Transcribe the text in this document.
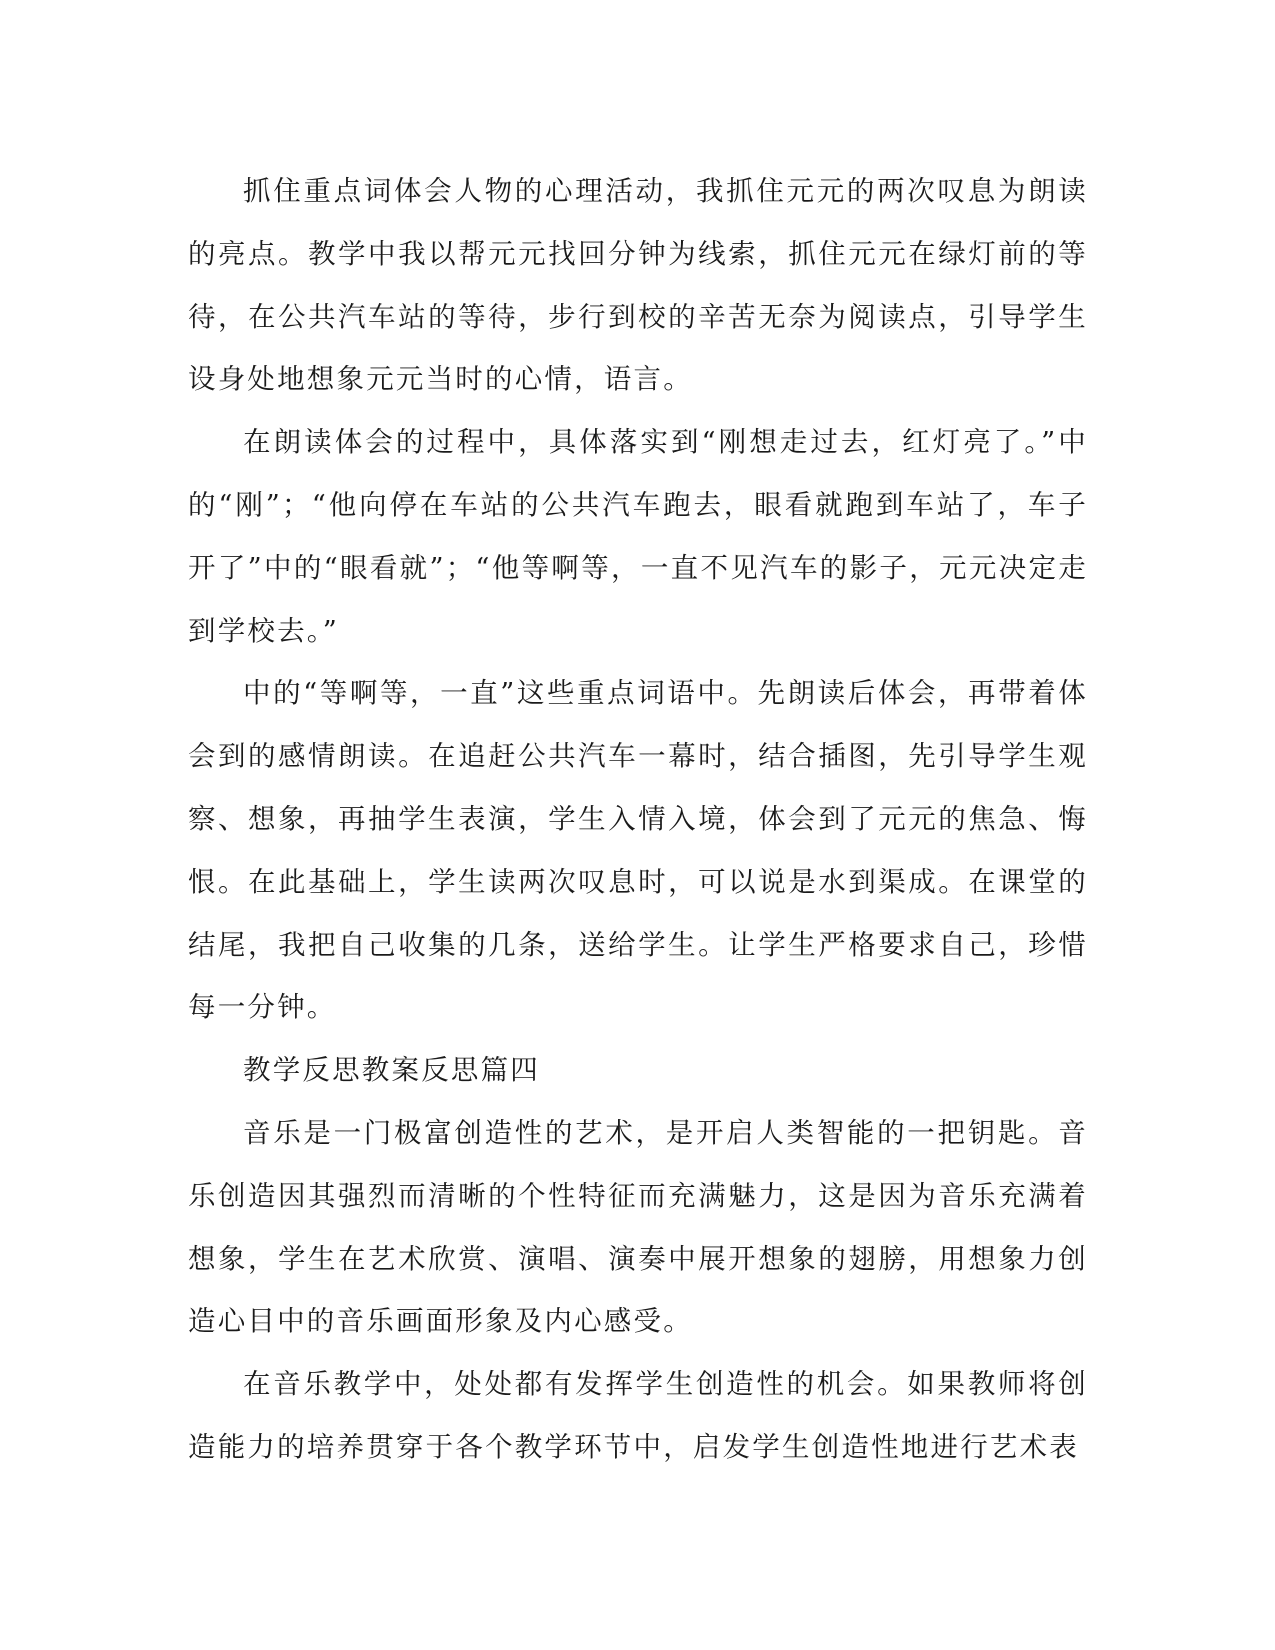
抓住重点词体会人物的心理活动，我抓住元元的两次叹息为朗读的亮点。教学中我以帮元元找回分钟为线索，抓住元元在绿灯前的等待，在公共汽车站的等待，步行到校的辛苦无奈为阅读点，引导学生设身处地想象元元当时的心情，语言。

在朗读体会的过程中，具体落实到“刚想走过去，红灯亮了。”中的“刚”；“他向停在车站的公共汽车跑去，眼看就跑到车站了，车子开了”中的“眼看就”；“他等啊等，一直不见汽车的影子，元元决定走到学校去。”

中的“等啊等，一直”这些重点词语中。先朗读后体会，再带着体会到的感情朗读。在追赶公共汽车一幕时，结合插图，先引导学生观察、想象，再抽学生表演，学生入情入境，体会到了元元的焦急、悔恨。在此基础上，学生读两次叹息时，可以说是水到渠成。在课堂的结尾，我把自己收集的几条，送给学生。让学生严格要求自己，珍惜每一分钟。

教学反思教案反思篇四

音乐是一门极富创造性的艺术，是开启人类智能的一把钥匙。音乐创造因其强烈而清晰的个性特征而充满魅力，这是因为音乐充满着想象，学生在艺术欣赏、演唱、演奏中展开想象的翅膀，用想象力创造心目中的音乐画面形象及内心感受。

在音乐教学中，处处都有发挥学生创造性的机会。如果教师将创造能力的培养贯穿于各个教学环节中，启发学生创造性地进行艺术表
